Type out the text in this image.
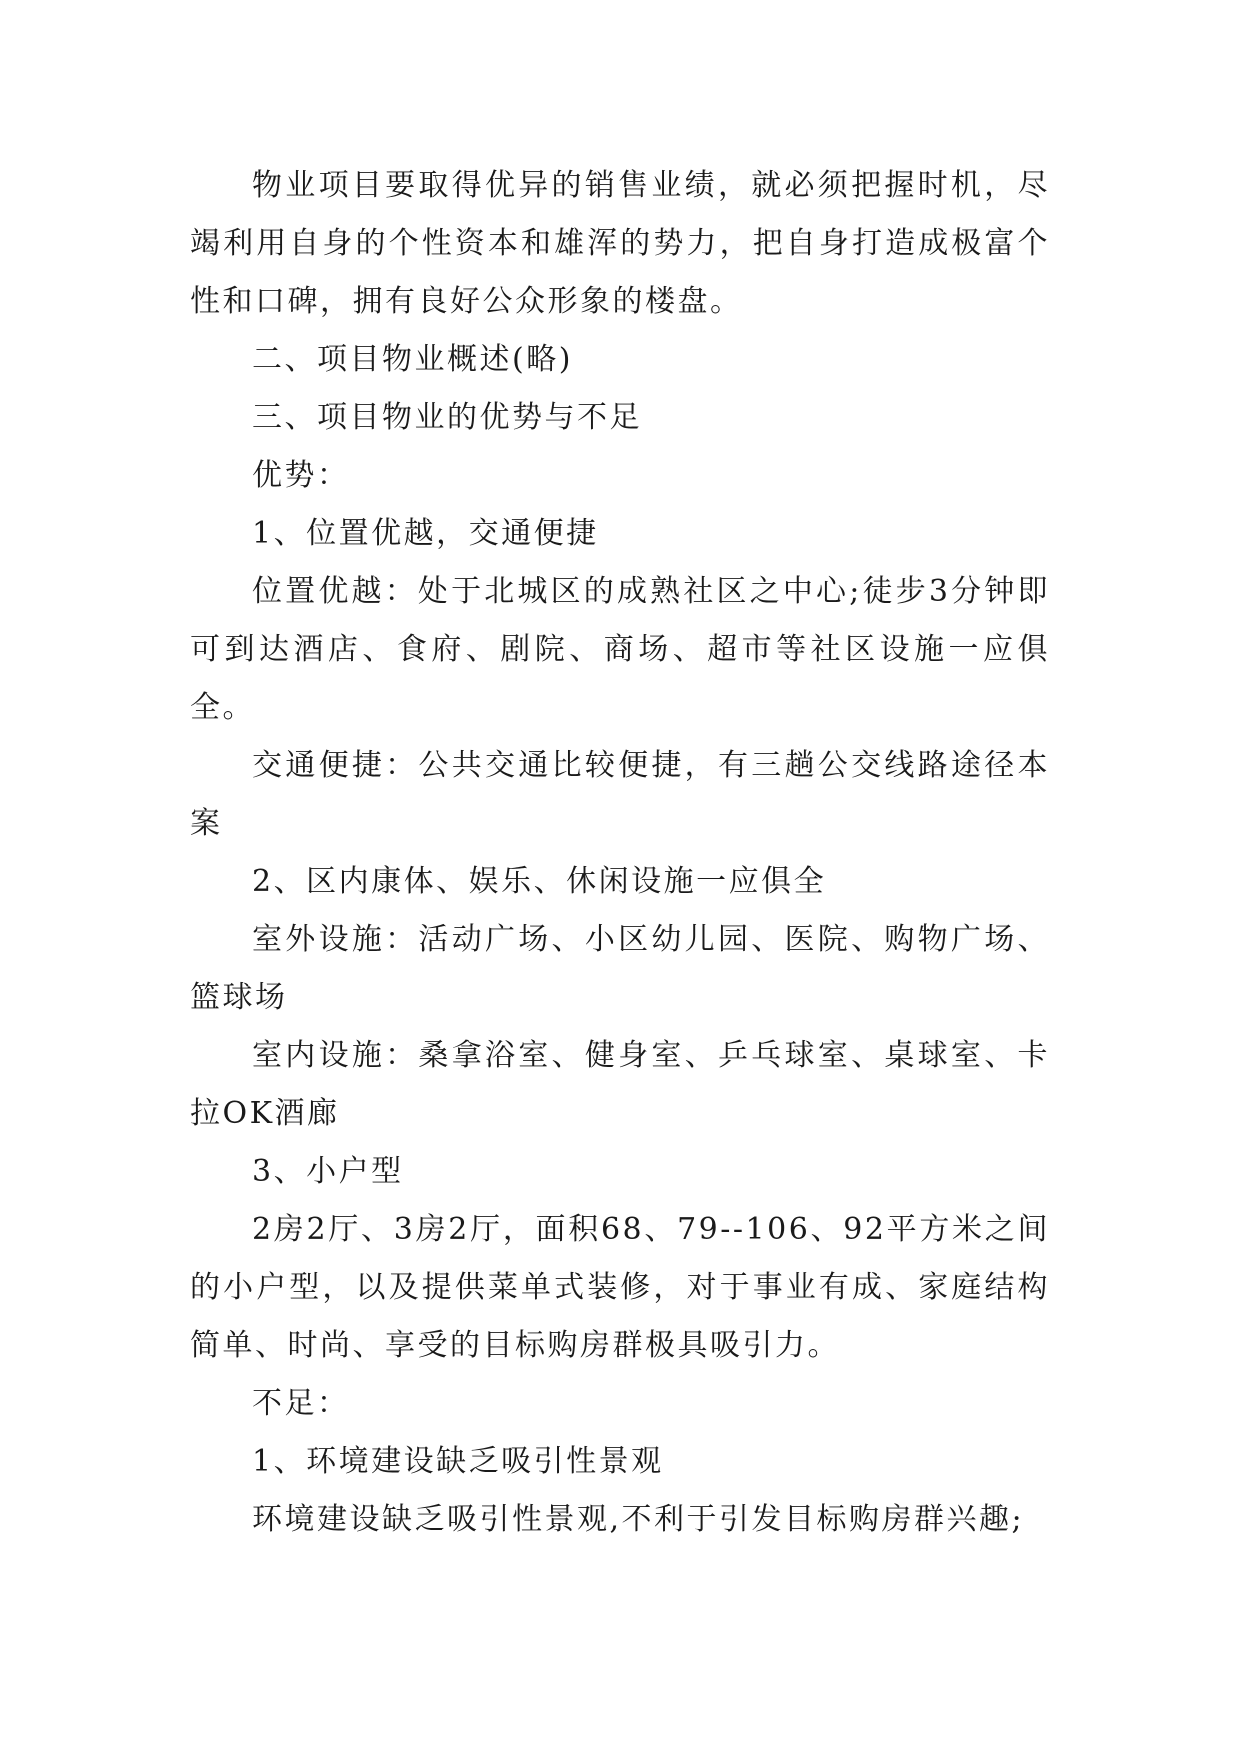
物业项目要取得优异的销售业绩，就必须把握时机，尽竭利用自身的个性资本和雄浑的势力，把自身打造成极富个性和口碑，拥有良好公众形象的楼盘。

二、项目物业概述(略)

三、项目物业的优势与不足

优势：

1、位置优越，交通便捷

位置优越：处于北城区的成熟社区之中心;徒步3分钟即可到达酒店、食府、剧院、商场、超市等社区设施一应俱全。

交通便捷：公共交通比较便捷，有三趟公交线路途径本案

2、区内康体、娱乐、休闲设施一应俱全

室外设施：活动广场、小区幼儿园、医院、购物广场、篮球场

室内设施：桑拿浴室、健身室、乒乓球室、桌球室、卡拉OK酒廊

3、小户型

2房2厅、3房2厅，面积68、79--106、92平方米之间的小户型，以及提供菜单式装修，对于事业有成、家庭结构简单、时尚、享受的目标购房群极具吸引力。

不足：

1、环境建设缺乏吸引性景观

环境建设缺乏吸引性景观,不利于引发目标购房群兴趣;
